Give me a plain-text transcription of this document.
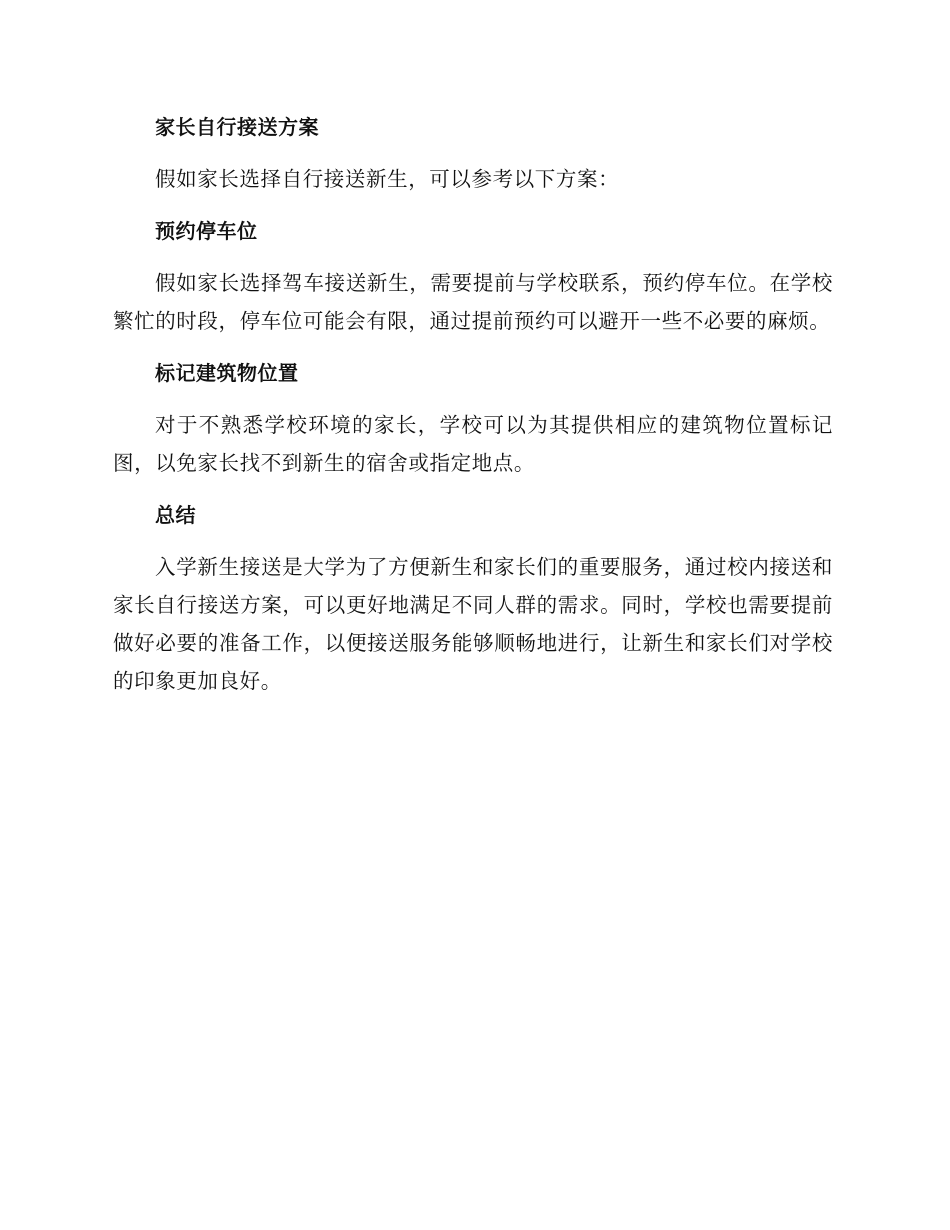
家长自行接送方案

假如家长选择自行接送新生，可以参考以下方案：

预约停车位

假如家长选择驾车接送新生，需要提前与学校联系，预约停车位。在学校繁忙的时段，停车位可能会有限，通过提前预约可以避开一些不必要的麻烦。

标记建筑物位置

对于不熟悉学校环境的家长，学校可以为其提供相应的建筑物位置标记图，以免家长找不到新生的宿舍或指定地点。

总结

入学新生接送是大学为了方便新生和家长们的重要服务，通过校内接送和家长自行接送方案，可以更好地满足不同人群的需求。同时，学校也需要提前做好必要的准备工作，以便接送服务能够顺畅地进行，让新生和家长们对学校的印象更加良好。
